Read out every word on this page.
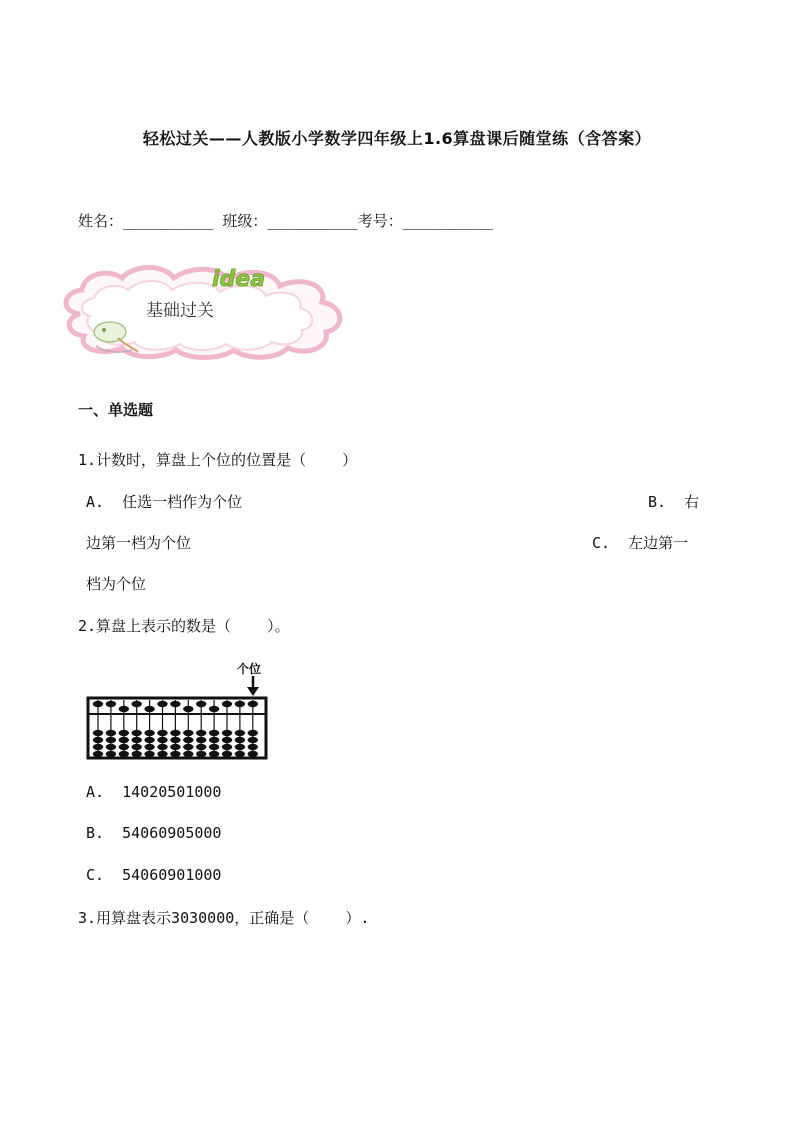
轻松过关——人教版小学数学四年级上1.6算盘课后随堂练（含答案）
姓名：__________ 班级：__________考号：__________
idea
基础过关
一、单选题
1.计数时，算盘上个位的位置是（    ）
A.  任选一档作为个位	B.  右
边第一档为个位	C.  左边第一
档为个位
2.算盘上表示的数是（    ）。
个位
A.  14020501000
B.  54060905000
C.  54060901000
3.用算盘表示3030000，正确是（    ）.
